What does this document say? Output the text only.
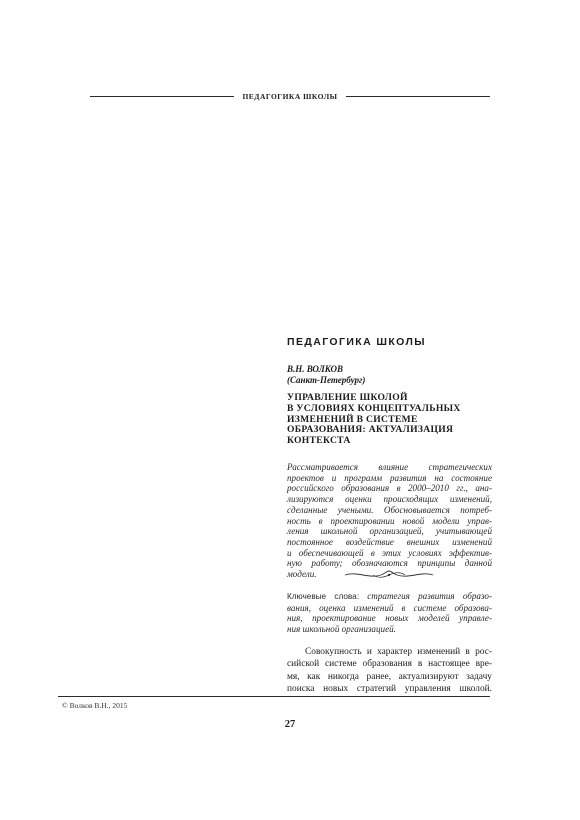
ПЕДАГОГИКА ШКОЛЫ
ПЕДАГОГИКА ШКОЛЫ
В.Н. ВОЛКОВ
(Санкт-Петербург)
УПРАВЛЕНИЕ ШКОЛОЙ
В УСЛОВИЯХ КОНЦЕПТУАЛЬНЫХ
ИЗМЕНЕНИЙ В СИСТЕМЕ
ОБРАЗОВАНИЯ: АКТУАЛИЗАЦИЯ
КОНТЕКСТА
Рассматривается влияние стратегических
проектов и программ развития на состояние
российского образования в 2000–2010 гг., ана-
лизируются оценки происходящих изменений,
сделанные учеными. Обосновывается потреб-
ность в проектировании новой модели управ-
ления школьной организацией, учитывающей
постоянное воздействие внешних изменений
и обеспечивающей в этих условиях эффектив-
ную работу; обозначаются принципы данной
модели.
Ключевые слова: стратегия развития образо-
вания, оценка изменений в системе образова-
ния, проектирование новых моделей управле-
ния школьной организацией.
Совокупность и характер изменений в рос-
сийской системе образования в настоящее вре-
мя, как никогда ранее, актуализируют задачу
поиска новых стратегий управления школой.
© Волков В.Н., 2015
27
